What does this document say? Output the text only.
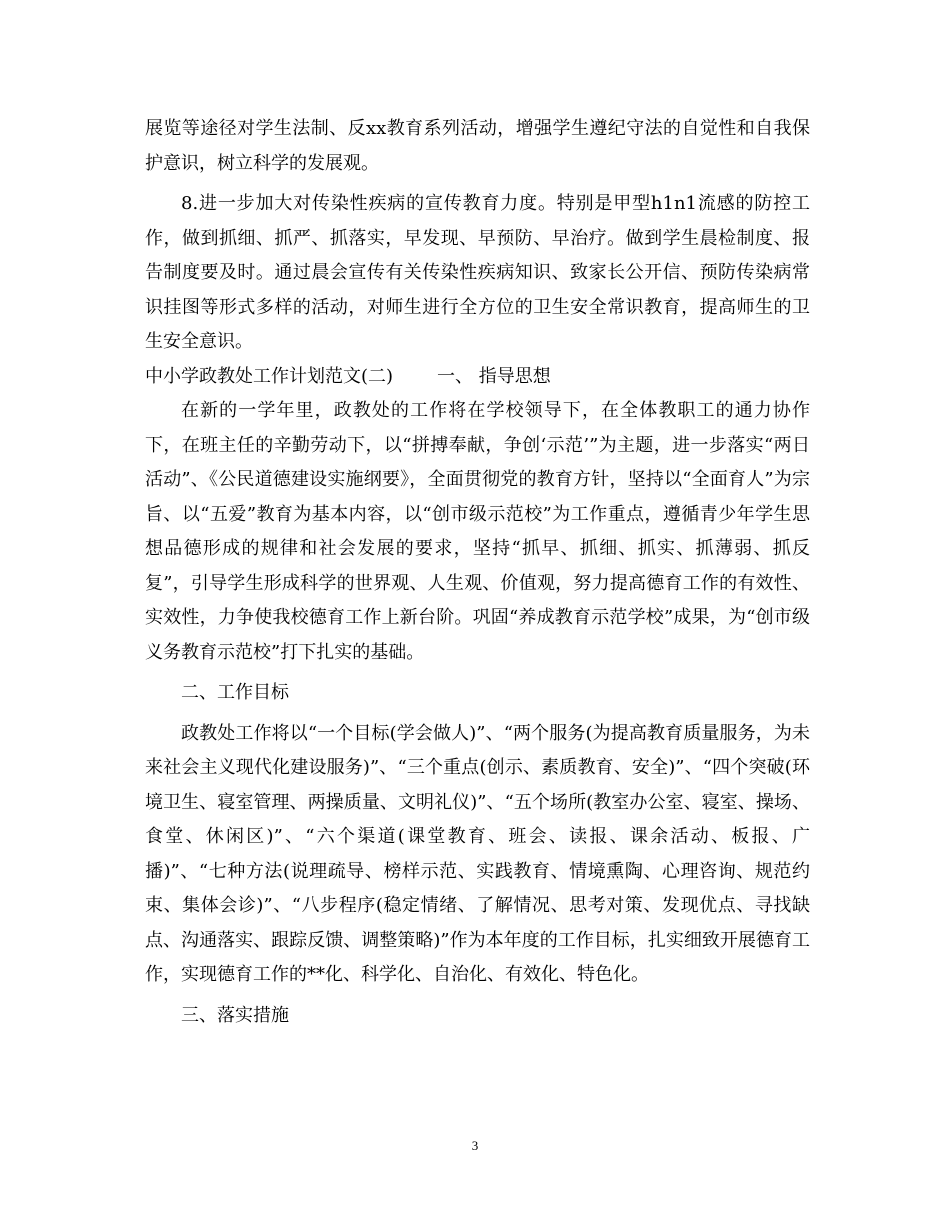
展览等途径对学生法制、反xx教育系列活动，增强学生遵纪守法的自觉性和自我保护意识，树立科学的发展观。

8.进一步加大对传染性疾病的宣传教育力度。特别是甲型h1n1流感的防控工作，做到抓细、抓严、抓落实，早发现、早预防、早治疗。做到学生晨检制度、报告制度要及时。通过晨会宣传有关传染性疾病知识、致家长公开信、预防传染病常识挂图等形式多样的活动，对师生进行全方位的卫生安全常识教育，提高师生的卫生安全意识。

中小学政教处工作计划范文(二) 一、 指导思想

在新的一学年里，政教处的工作将在学校领导下，在全体教职工的通力协作下，在班主任的辛勤劳动下，以“拼搏奉献，争创‘示范’”为主题，进一步落实“两日活动”、《公民道德建设实施纲要》，全面贯彻党的教育方针，坚持以“全面育人”为宗旨、以“五爱”教育为基本内容，以“创市级示范校”为工作重点，遵循青少年学生思想品德形成的规律和社会发展的要求，坚持“抓早、抓细、抓实、抓薄弱、抓反复”，引导学生形成科学的世界观、人生观、价值观，努力提高德育工作的有效性、实效性，力争使我校德育工作上新台阶。巩固“养成教育示范学校”成果，为“创市级义务教育示范校”打下扎实的基础。

二、工作目标

政教处工作将以“一个目标(学会做人)”、“两个服务(为提高教育质量服务，为未来社会主义现代化建设服务)”、“三个重点(创示、素质教育、安全)”、“四个突破(环境卫生、寝室管理、两操质量、文明礼仪)”、“五个场所(教室办公室、寝室、操场、食堂、休闲区)”、“六个渠道(课堂教育、班会、读报、课余活动、板报、广播)”、“七种方法(说理疏导、榜样示范、实践教育、情境熏陶、心理咨询、规范约束、集体会诊)”、“八步程序(稳定情绪、了解情况、思考对策、发现优点、寻找缺点、沟通落实、跟踪反馈、调整策略)”作为本年度的工作目标，扎实细致开展德育工作，实现德育工作的**化、科学化、自治化、有效化、特色化。

三、落实措施

3
